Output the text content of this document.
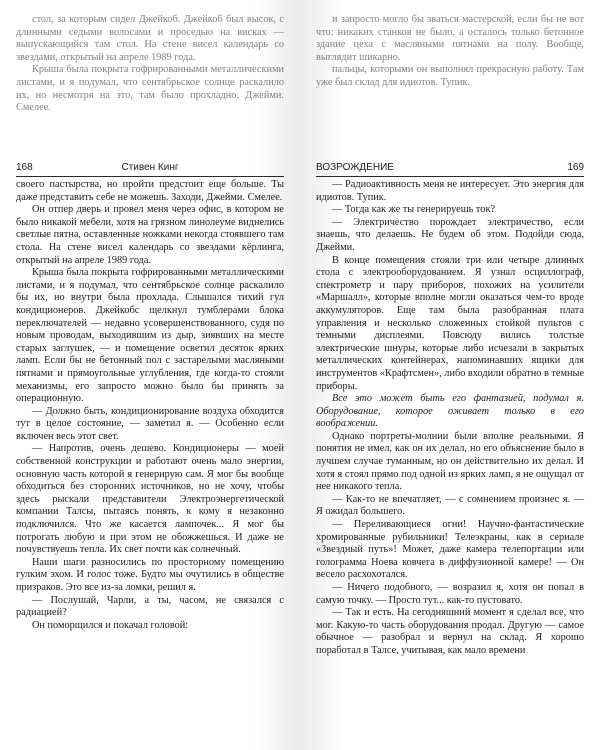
стол, за которым сидел Джейкоб. Джейкоб был высок, с длинными седыми волосами и проседью на висках — выпускающийся там стол. На стене висел календарь со звездами, открытый на апреле 1989 года.

Крыша была покрыта гофрированными металлическими листами, и я подумал, что сентябрьское солнце раскалило их, но несмотря на это, там было прохладно. Джейми. Смелее.

168	Стивен Кинг

своего пастырства, но пройти предстоит еще больше. Ты даже представить себе не можешь. Заходи, Джейми. Смелее.

Он отпер дверь и провел меня через офис, в котором не было никакой мебели, хотя на грязном линолеуме виднелись светлые пятна, оставленные ножками некогда стоявшего там стола. На стене висел календарь со звездами кёрлинга, открытый на апреле 1989 года.

Крыша была покрыта гофрированными металлическими листами, и я подумал, что сентябрьское солнце раскалило бы их, но внутри была прохлада. Слышался тихий гул кондиционеров. Джейкобс щелкнул тумблерами блока переключателей — недавно усовершенствованного, судя по новым проводам, выходившим из дыр, зиявших на месте старых заглушек, — и помещение осветил десяток ярких ламп. Если бы не бетонный пол с застарелыми масляными пятнами и прямоугольные углубления, где когда-то стояли механизмы, его запросто можно было бы принять за операционную.

— Должно быть, кондиционирование воздуха обходится тут в целое состояние, — заметил я. — Особенно если включен весь этот свет.

— Напротив, очень дешево. Кондиционеры — моей собственной конструкции и работают очень мало энергии, основную часть которой я генерирую сам. Я мог бы вообще обходиться без сторонних источников, но не хочу, чтобы здесь рыскали представители Электроэнергетической компании Талсы, пытаясь понять, к кому я незаконно подключился. Что же касается лампочек... Я мог бы потрогать любую и при этом не обожжешься. И даже не почувствуешь тепла. Их свет почти как солнечный.

Наши шаги разносились по просторному помещению гулким эхом. И голос тоже. Будто мы очутились в обществе призраков. Это все из-за ломки, решил я.

— Послушай, Чарли, а ты, часом, не связался с радиацией?

Он поморщился и покачал головой:

и запросто могло бы зваться мастерской, если бы не вот что: никаких станков не было, а осталось только бетонное здание цеха с масляными пятнами на полу. Вообще, выглядит шикарно.

пальцы, которыми он выполнял прекрасную работу. Там уже был склад для идиотов. Тупик.

ВОЗРОЖДЕНИЕ	169

— Радиоактивность меня не интересует. Это энергия для идиотов. Тупик.

— Тогда как же ты генерируешь ток?

— Электричество порождает электричество, если знаешь, что делаешь. Не будем об этом. Подойди сюда, Джейми.

В конце помещения стояли три или четыре длинных стола с электрооборудованием. Я узнал осциллограф, спектрометр и пару приборов, похожих на усилители «Маршалл», которые вполне могли оказаться чем-то вроде аккумуляторов. Еще там была разобранная плата управления и несколько сложенных стойкой пультов с темными дисплеями. Повсюду вились толстые электрические шнуры, которые либо исчезали в закрытых металлических контейнерах, напоминавших ящики для инструментов «Крафтсмен», либо входили обратно в темные приборы.

Все это может быть его фантазией, подумал я. Оборудование, которое оживает только в его воображении.

Однако портреты-молнии были вполне реальными. Я понятия не имел, как он их делал, но его объяснение было в лучшем случае туманным, но он действительно их делал. И хотя я стоял прямо под одной из ярких ламп, я не ощущал от нее никакого тепла.

— Как-то не впечатляет, — с сомнением произнес я. — Я ожидал большего.

— Переливающиеся огни! Научно-фантастические хромированные рубильники! Телеэкраны, как в сериале «Звездный путь»! Может, даже камера телепортации или голограмма Ноева ковчега в диффузионной камере! — Он весело расхохотался.

— Ничего подобного, — возразил я, хотя он попал в самую точку. — Просто тут... как-то пустовато.

— Так и есть. На сегодняшний момент я сделал все, что мог. Какую-то часть оборудования продал. Другую — самое обычное — разобрал и вернул на склад. Я хорошо поработал в Талсе, учитывая, как мало времени
